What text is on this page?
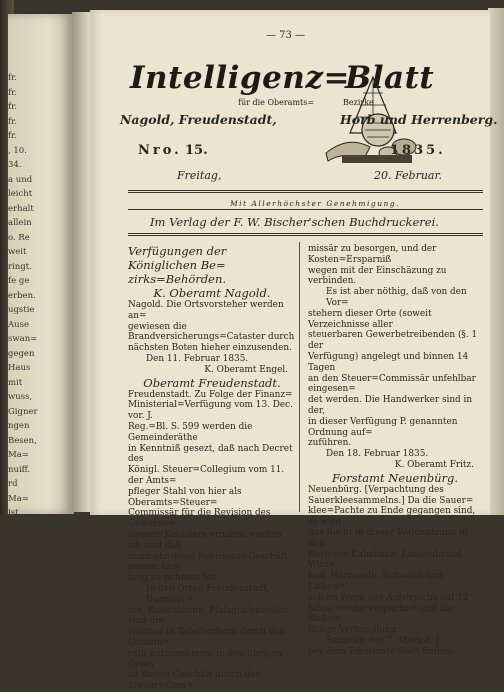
fr.
fr.
fr.
fr.
fr.
, 10.
34.
a und
leicht
erhalt
allein
o. Re
weit
ringt.
fe ge
erben.
ugstie
Ause
swan=
gegen
Haus
mit
wuss,
Gigner
ngen
Besen,
Ma=
nuiff.
rd
Ma=
ist
— 73 —
Intelligenz=
Blatt
für die Oberamts=	Bezirke
Nagold, Freudenstadt,	Horb und Herrenberg.
Nro. 15.	1835.
Freitag,	20. Februar.
Mit Allerhöchster Genehmigung.
Im Verlag der F. W. Bischer'schen Buchdruckerei.

Verfügungen der Königlichen Be=

zirks=Behörden.

K. Oberamt Nagold.

Nagold. Die Ortsvorsteher werden an=

gewiesen die Brandversicherungs=Cataster durch

nächsten Boten hieher einzusenden.

Den 11. Februar 1835.

K. Oberamt Engel.

Oberamt Freudenstadt.

Freudenstadt. Zu Folge der Finanz=

Ministerial=Verfügung vom 13. Dec. vor. J.

Reg.=Bl. S. 599 werden die Gemeinderäthe

in Kenntniß gesezt, daß nach Decret des

Königl. Steuer=Collegium vom 11. der Amts=

pfleger Stahl von hier als Oberamts=Steuer=

Commissär für die Revision des Gewerbe=

steuer=Katasters ernannt worden ist; und daß

nunmehr diese Revisions=Geschäft seinen An=

fang zu nehmen hat.

In den Orten Freudenstadt, Dornstet=

ten, Baiersbronn, Pfalzgrafenweiler sind die

Notizen in Tabellenform durch den Gemein=

rath aufzunehmen; in den übrigen Orten

ist dieses Geschäft durch den Steuer=Com=

missär zu besorgen, und der Kosten=Ersparniß

wegen mit der Einschäzung zu verbinden.

Es ist aber nöthig, daß von den Vor=

stehern dieser Orte (soweit Verzeichnisse aller

steuerbaren Gewerbetreibenden (§. 1 der

Verfügung) angelegt und binnen 14 Tagen

an den Steuer=Commissär unfehlbar eingesen=

det werden. Die Handwerker sind in der,

in dieser Verfügung P. genannten Ordnung auf=

zuführen.

Den 18. Februar 1835.

K. Oberamt Fritz.

Forstamt Neuenbürg.

Neuenbürg. [Verpachtung des

Sauerkleesammelns.] Da die Sauer=

klee=Pachte zu Ende gegangen sind, so wird

das Recht in dieser Waldnutzung in den

Revieren Kalmbach, Langenbrand, Wild=

bad, Herrenalb, Schwann und Lieben=

zell im Wege des Aufstreichs auf 12

Jahre wieder verpachtet und die dießs=

fällige Verhandlung

Samstag den 7. Merz d. J.

bey dem Forstamte Statt finden.
